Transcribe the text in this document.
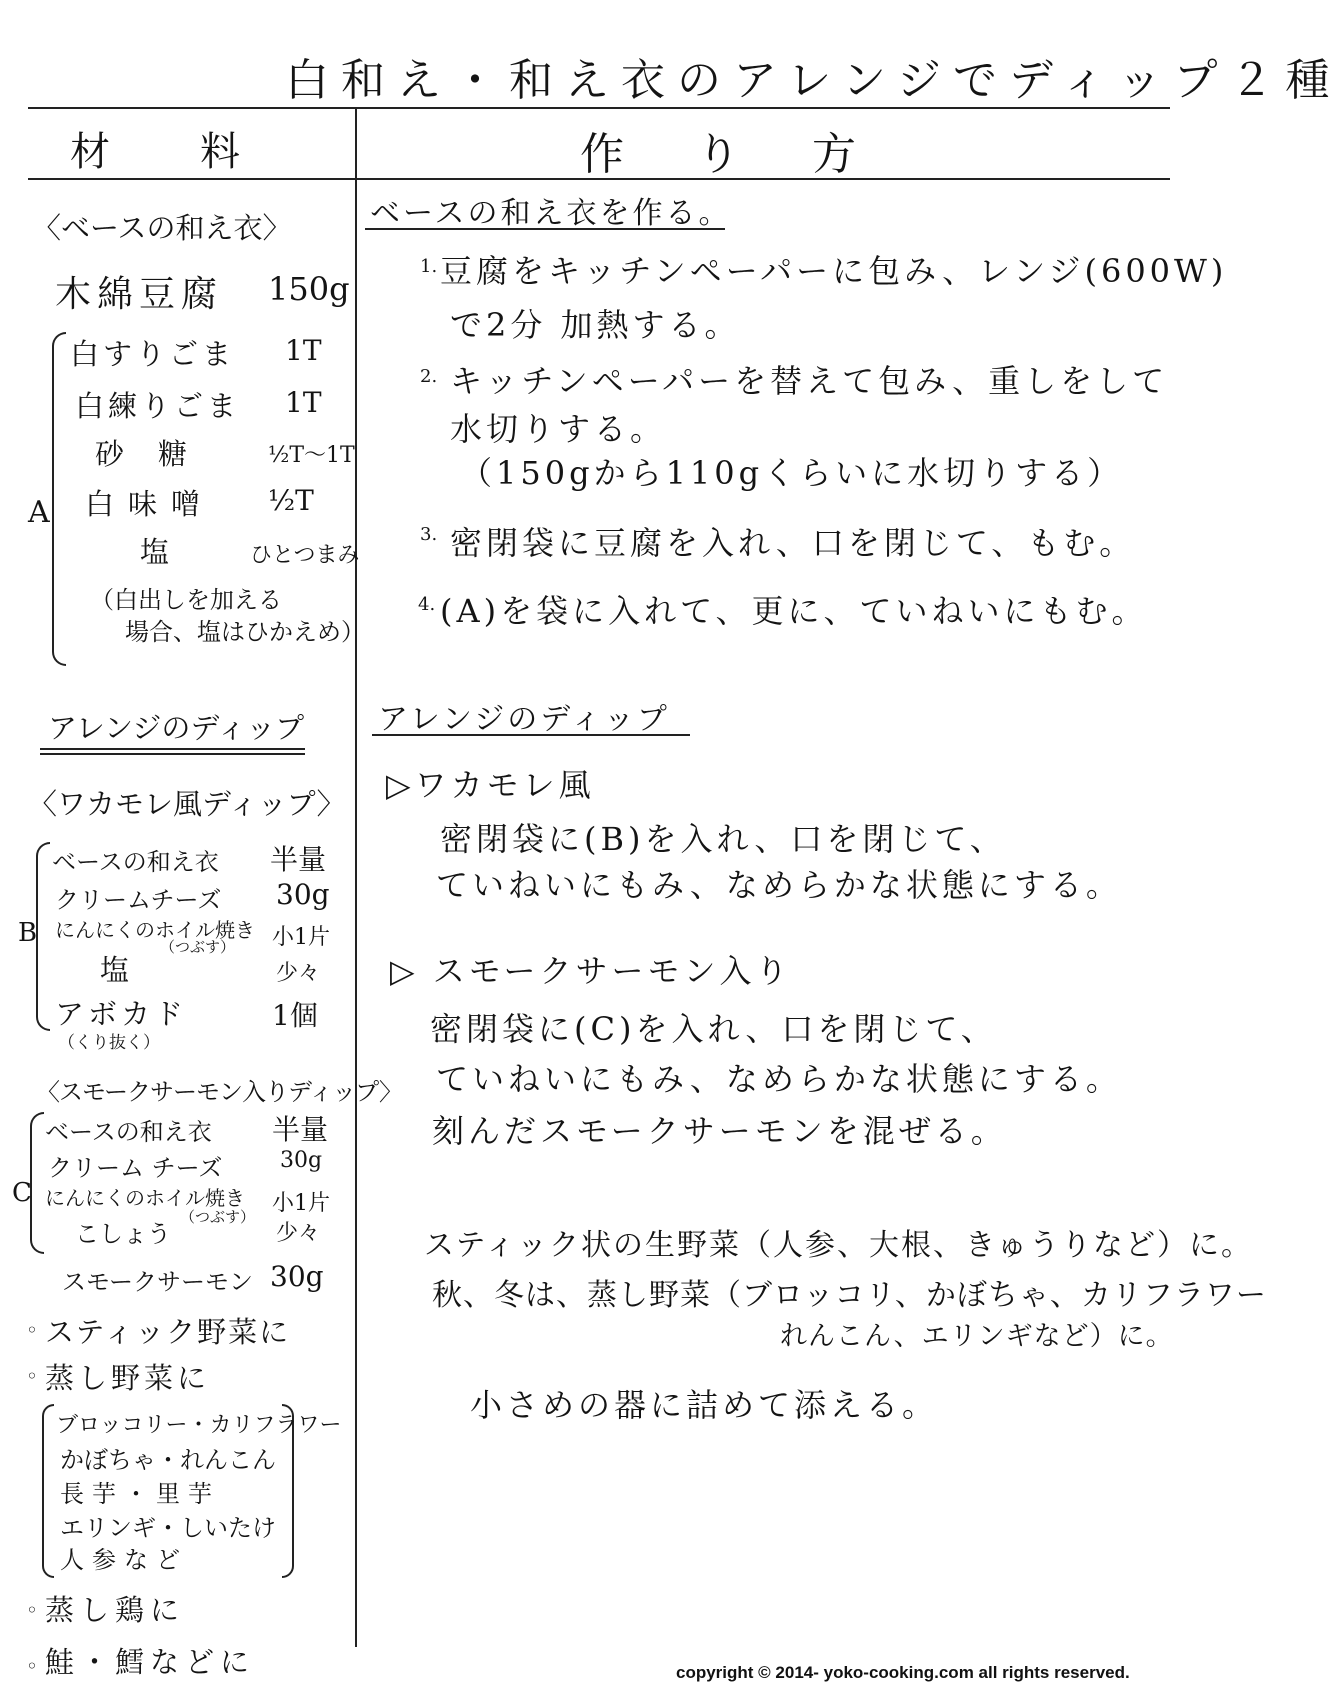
白和え・和え衣のアレンジでディップ２種
材料	作り方
〈ベースの和え衣〉
木綿豆腐 150g
A
白すりごま 1T
白練りごま 1T
砂糖 ½T〜1T
白味噌 ½T
塩	ひとつまみ
（白出しを加える
場合、塩はひかえめ）
アレンジのディップ
〈ワカモレ風ディップ〉
B
ベースの和え衣 半量
クリームチーズ 30g
にんにくのホイル焼き
（つぶす） 小1片
塩	少々
アボカド
（くり抜く）
1個
〈スモークサーモン入りディップ〉
C
ベースの和え衣 半量
クリーム チーズ	30g
にんにくのホイル焼き
（つぶす）
小1片
こしょう	少々
スモークサーモン 30g
◦ スティック野菜に
◦ 蒸し野菜に
ブロッコリー・カリフラワー
かぼちゃ・れんこん
長芋・里芋
エリンギ・しいたけ
人参など
◦ 蒸し鶏に
◦ 鮭・鱈などに
ベースの和え衣を作る。
1. 豆腐をキッチンペーパーに包み、レンジ(600W)
で2分 加熱する。
2. キッチンペーパーを替えて包み、重しをして
水切りする。
（150gから110gくらいに水切りする）
3. 密閉袋に豆腐を入れ、口を閉じて、もむ。
4. (A)を袋に入れて、更に、ていねいにもむ。
アレンジのディップ
▷ワカモレ風
密閉袋に(B)を入れ、口を閉じて、
ていねいにもみ、なめらかな状態にする。
▷ スモークサーモン入り
密閉袋に(C)を入れ、口を閉じて、
ていねいにもみ、なめらかな状態にする。
刻んだスモークサーモンを混ぜる。
スティック状の生野菜（人参、大根、きゅうりなど）に。
秋、冬は、蒸し野菜（ブロッコリ、かぼちゃ、カリフラワー
れんこん、エリンギなど）に。
小さめの器に詰めて添える。
copyright © 2014- yoko-cooking.com all rights reserved.
